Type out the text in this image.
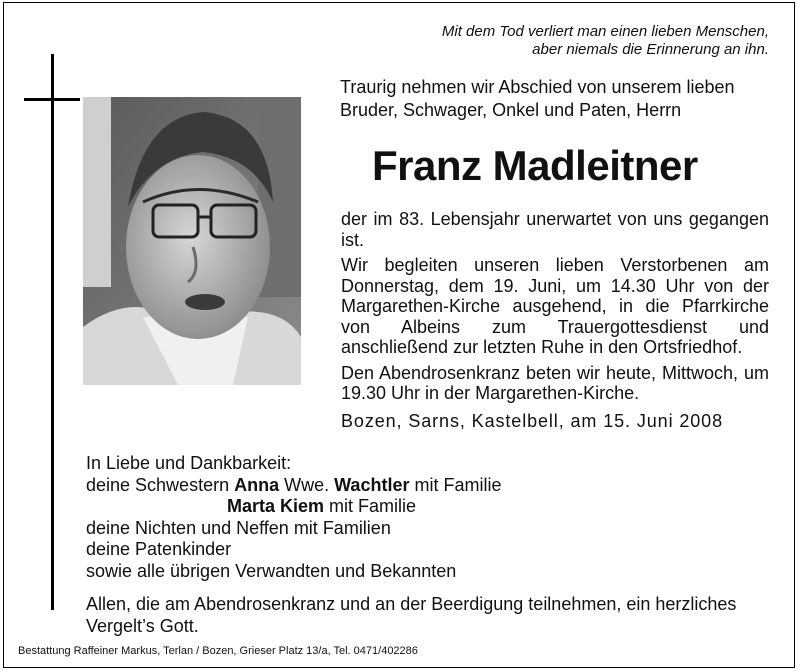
Mit dem Tod verliert man einen lieben Menschen,
aber niemals die Erinnerung an ihn.
Traurig nehmen wir Abschied von unserem lieben
Bruder, Schwager, Onkel und Paten, Herrn
Franz Madleitner

der im 83. Lebensjahr unerwartet von uns gegangen ist.

Wir begleiten unseren lieben Verstorbenen am Donnerstag, dem 19. Juni, um 14.30 Uhr von der Margarethen-Kirche ausgehend, in die Pfarrkirche von Albeins zum Trauergottesdienst und anschließend zur letzten Ruhe in den Ortsfriedhof.

Den Abendrosenkranz beten wir heute, Mittwoch, um 19.30 Uhr in der Margarethen-Kirche.

Bozen, Sarns, Kastelbell, am 15. Juni 2008
In Liebe und Dankbarkeit:
deine Schwestern Anna Wwe. Wachtler mit Familie
Marta Kiem mit Familie
deine Nichten und Neffen mit Familien
deine Patenkinder
sowie alle übrigen Verwandten und Bekannten
Allen, die am Abendrosenkranz und an der Beerdigung teilnehmen, ein herzliches
Vergelt’s Gott.
Bestattung Raffeiner Markus, Terlan / Bozen, Grieser Platz 13/a, Tel. 0471/402286
